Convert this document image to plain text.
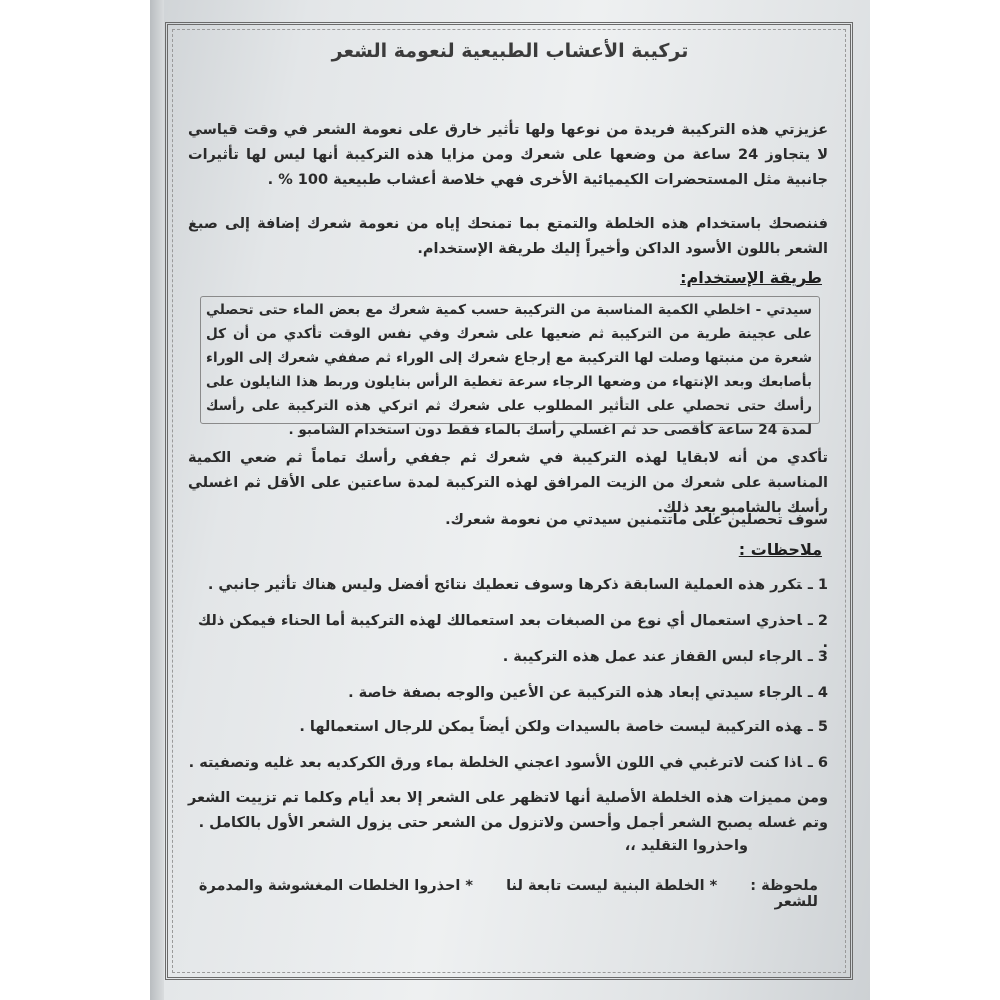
تركيبة الأعشاب الطبيعية لنعومة الشعر
عزيزتي هذه التركيبة فريدة من نوعها ولها تأثير خارق على نعومة الشعر في وقت قياسي لا يتجاوز 24 ساعة من وضعها على شعرك ومن مزايا هذه التركيبة أنها ليس لها تأثيرات جانبية مثل المستحضرات الكيميائية الأخرى فهي خلاصة أعشاب طبيعية 100 % .
فننصحك باستخدام هذه الخلطة والتمتع بما تمنحك إياه من نعومة شعرك إضافة إلى صبغ الشعر باللون الأسود الداكن وأخيراً إليك طريقة الإستخدام.
طريقة الإستخدام:
سيدتي - اخلطي الكمية المناسبة من التركيبة حسب كمية شعرك مع بعض الماء حتى تحصلي على عجينة طرية من التركيبة ثم ضعيها على شعرك وفي نفس الوقت تأكدي من أن كل شعرة من منبتها وصلت لها التركيبة مع إرجاع شعرك إلى الوراء ثم صففي شعرك إلى الوراء بأصابعك وبعد الإنتهاء من وضعها الرجاء سرعة تغطية الرأس بنايلون وربط هذا النايلون على رأسك حتى تحصلي على التأثير المطلوب على شعرك ثم اتركي هذه التركيبة على رأسك لمدة 24 ساعة كأقصى حد ثم اغسلي رأسك بالماء فقط دون استخدام الشامبو .
تأكدي من أنه لابقايا لهذه التركيبة في شعرك ثم جففي رأسك تماماً ثم ضعي الكمية المناسبة على شعرك من الزيت المرافق لهذه التركيبة لمدة ساعتين على الأقل ثم اغسلي رأسك بالشامبو بعد ذلك.
سوف تحصلين على ماتتمنين سيدتي من نعومة شعرك.
ملاحظات :
1 ـتكرر هذه العملية السابقة ذكرها وسوف تعطيك نتائج أفضل وليس هناك تأثير جانبي .
2 ـاحذري استعمال أي نوع من الصبغات بعد استعمالك لهذه التركيبة أما الحناء فيمكن ذلك .
3 ـالرجاء لبس القفاز عند عمل هذه التركيبة .
4 ـالرجاء سيدتي إبعاد هذه التركيبة عن الأعين والوجه بصفة خاصة .
5 ـهذه التركيبة ليست خاصة بالسيدات ولكن أيضاً يمكن للرجال استعمالها .
6 ـاذا كنت لاترغبي في اللون الأسود اعجني الخلطة بماء ورق الكركديه بعد غليه وتصفيته .
ومن مميزات هذه الخلطة الأصلية أنها لاتظهر على الشعر إلا بعد أيام وكلما تم تزييت الشعر وتم غسله يصبح الشعر أجمل وأحسن ولاتزول من الشعر حتى يزول الشعر الأول بالكامل .
واحذروا التقليد ،،
ملحوظة : * الخلطة البنية ليست تابعة لنا * احذروا الخلطات المغشوشة والمدمرة للشعر
